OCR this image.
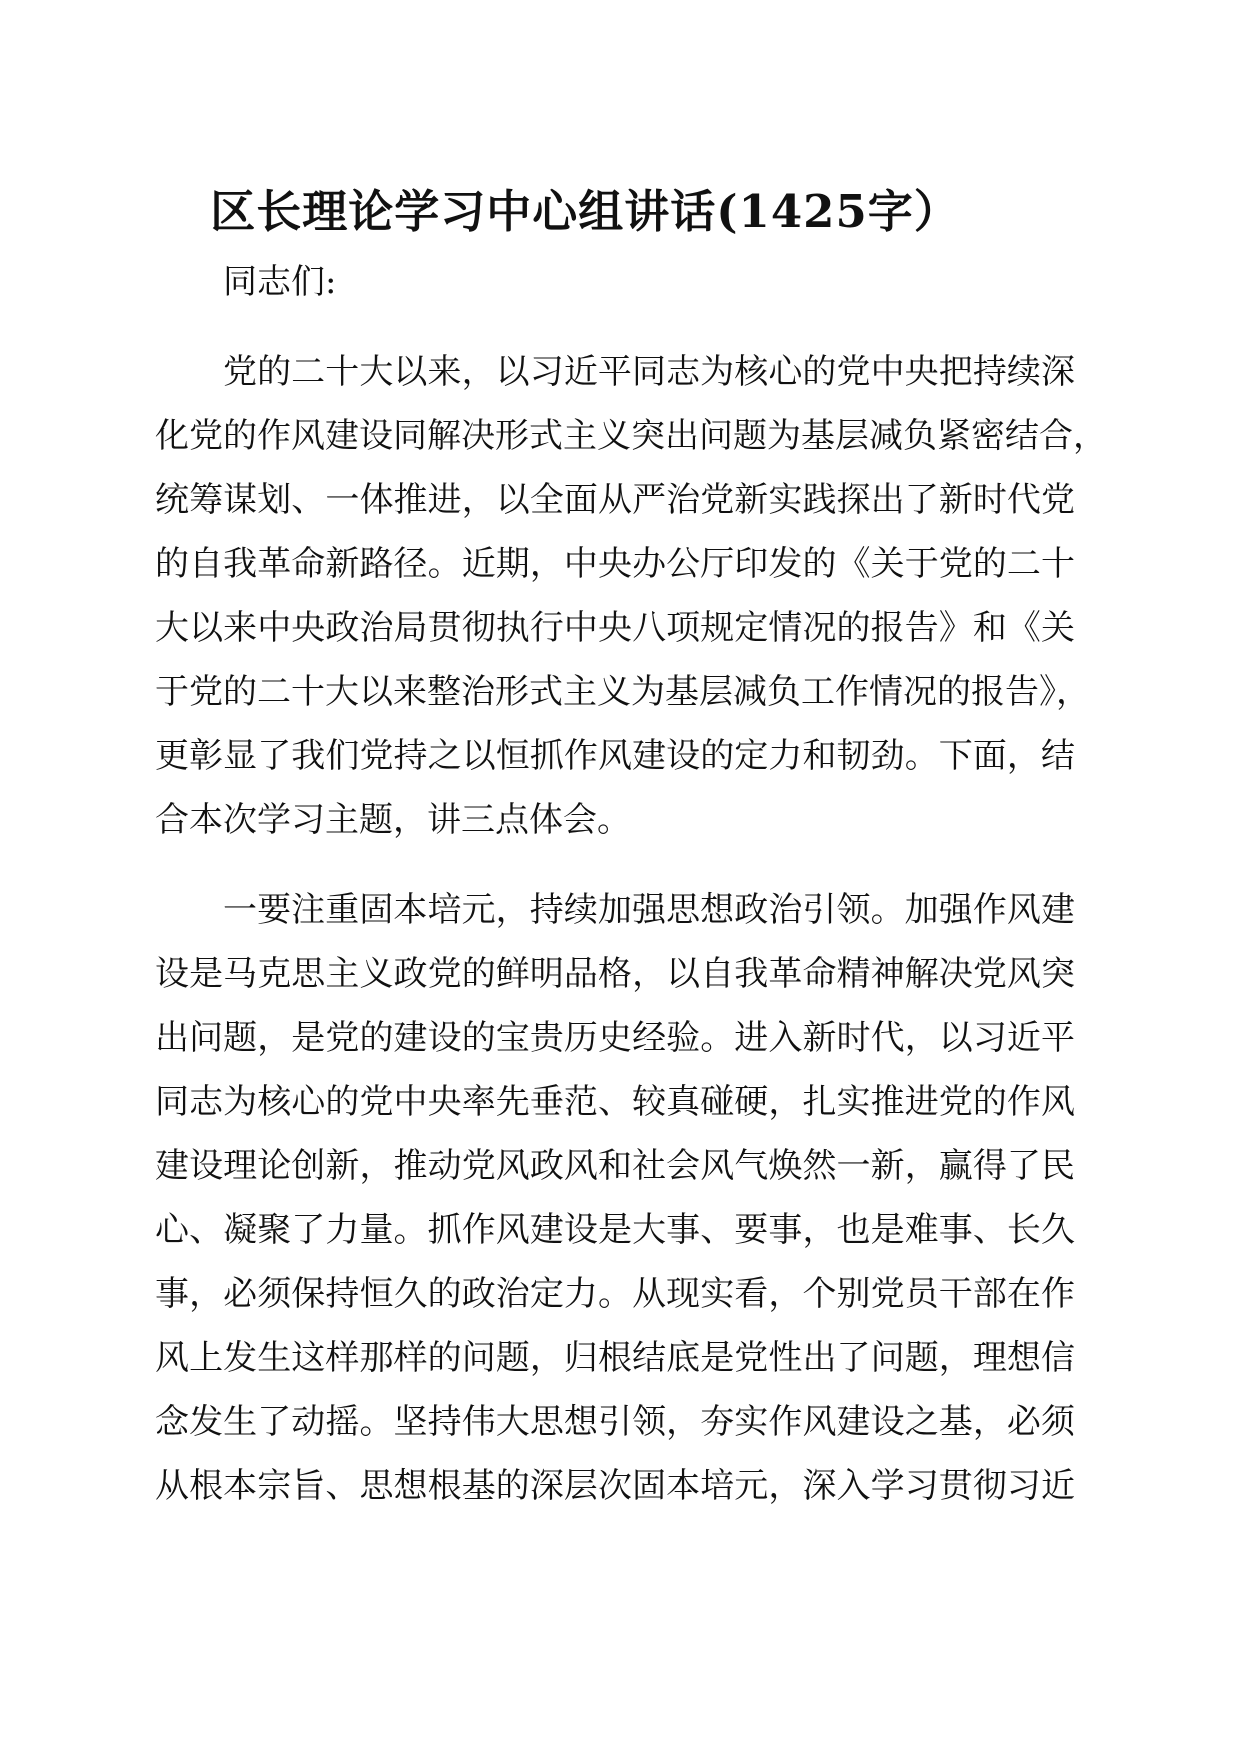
区长理论学习中心组讲话(1425字）
同志们:
党的二十大以来，以习近平同志为核心的党中央把持续深
化党的作风建设同解决形式主义突出问题为基层减负紧密结合，
统筹谋划、一体推进，以全面从严治党新实践探出了新时代党
的自我革命新路径。近期，中央办公厅印发的《关于党的二十
大以来中央政治局贯彻执行中央八项规定情况的报告》和《关
于党的二十大以来整治形式主义为基层减负工作情况的报告》，
更彰显了我们党持之以恒抓作风建设的定力和韧劲。下面，结
合本次学习主题，讲三点体会。
一要注重固本培元，持续加强思想政治引领。加强作风建
设是马克思主义政党的鲜明品格，以自我革命精神解决党风突
出问题，是党的建设的宝贵历史经验。进入新时代，以习近平
同志为核心的党中央率先垂范、较真碰硬，扎实推进党的作风
建设理论创新，推动党风政风和社会风气焕然一新，赢得了民
心、凝聚了力量。抓作风建设是大事、要事，也是难事、长久
事，必须保持恒久的政治定力。从现实看，个别党员干部在作
风上发生这样那样的问题，归根结底是党性出了问题，理想信
念发生了动摇。坚持伟大思想引领，夯实作风建设之基，必须
从根本宗旨、思想根基的深层次固本培元，深入学习贯彻习近
